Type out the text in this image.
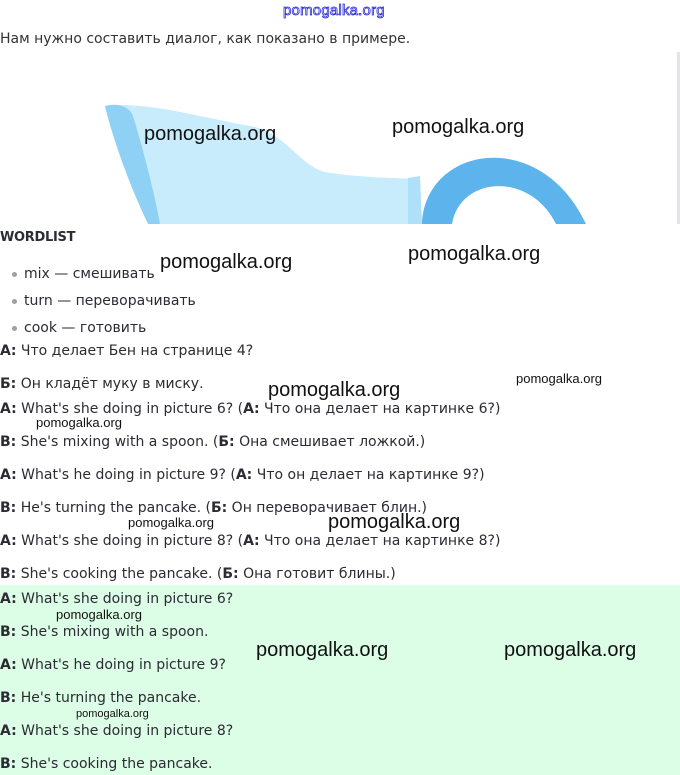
pomogalka.org
Нам нужно составить диалог, как показано в примере.
WORDLIST
mix — смешивать
turn — переворачивать
cook — готовить
А: Что делает Бен на странице 4?
Б: Он кладёт муку в миску.
A: What's she doing in picture 6? (А: Что она делает на картинке 6?)
B: She's mixing with a spoon. (Б: Она смешивает ложкой.)
A: What's he doing in picture 9? (А: Что он делает на картинке 9?)
B: He's turning the pancake. (Б: Он переворачивает блин.)
A: What's she doing in picture 8? (А: Что она делает на картинке 8?)
B: She's cooking the pancake. (Б: Она готовит блины.)
A: What's she doing in picture 6?
B: She's mixing with a spoon.
A: What's he doing in picture 9?
B: He's turning the pancake.
A: What's she doing in picture 8?
B: She's cooking the pancake.
pomogalka.org	pomogalka.org
pomogalka.org	pomogalka.org
pomogalka.org
pomogalka.org
pomogalka.org
pomogalka.org	pomogalka.org
pomogalka.org
pomogalka.org	pomogalka.org
pomogalka.org
